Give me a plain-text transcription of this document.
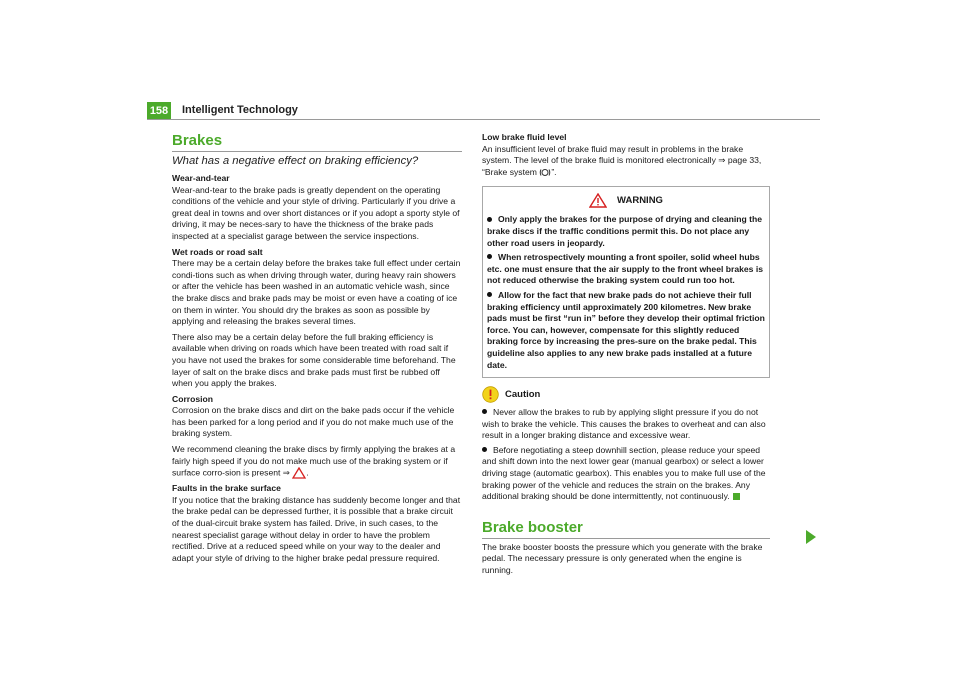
158 Intelligent Technology
Brakes
What has a negative effect on braking efficiency?
Wear-and-tear
Wear-and-tear to the brake pads is greatly dependent on the operating conditions of the vehicle and your style of driving. Particularly if you drive a great deal in towns and over short distances or if you adopt a sporty style of driving, it may be neces-sary to have the thickness of the brake pads inspected at a specialist garage between the service inspections.
Wet roads or road salt
There may be a certain delay before the brakes take full effect under certain condi-tions such as when driving through water, during heavy rain showers or after the vehicle has been washed in an automatic vehicle wash, since the brake discs and brake pads may be moist or even have a coating of ice on them in winter. You should dry the brakes as soon as possible by applying and releasing the brakes several times.
There also may be a certain delay before the full braking efficiency is available when driving on roads which have been treated with road salt if you have not used the brakes for some considerable time beforehand. The layer of salt on the brake discs and brake pads must first be rubbed off when you apply the brakes.
Corrosion
Corrosion on the brake discs and dirt on the bake pads occur if the vehicle has been parked for a long period and if you do not make much use of the braking system.
We recommend cleaning the brake discs by firmly applying the brakes at a fairly high speed if you do not make much use of the braking system or if surface corro-sion is present ⇒ .
Faults in the brake surface
If you notice that the braking distance has suddenly become longer and that the brake pedal can be depressed further, it is possible that a brake circuit of the dual-circuit brake system has failed. Drive, in such cases, to the nearest specialist garage without delay in order to have the problem rectified. Drive at a reduced speed while on your way to the dealer and adapt your style of driving to the higher brake pedal pressure required.
Low brake fluid level
An insufficient level of brake fluid may result in problems in the brake system. The level of the brake fluid is monitored electronically ⇒ page 33, “Brake system ”.
WARNING
Only apply the brakes for the purpose of drying and cleaning the brake discs if the traffic conditions permit this. Do not place any other road users in jeopardy.
When retrospectively mounting a front spoiler, solid wheel hubs etc. one must ensure that the air supply to the front wheel brakes is not reduced otherwise the braking system could run too hot.
Allow for the fact that new brake pads do not achieve their full braking efficiency until approximately 200 kilometres. New brake pads must be first “run in” before they develop their optimal friction force. You can, however, compensate for this slightly reduced braking force by increasing the pres-sure on the brake pedal. This guideline also applies to any new brake pads installed at a future date.
Caution
Never allow the brakes to rub by applying slight pressure if you do not wish to brake the vehicle. This causes the brakes to overheat and can also result in a longer braking distance and excessive wear.
Before negotiating a steep downhill section, please reduce your speed and shift down into the next lower gear (manual gearbox) or select a lower driving stage (automatic gearbox). This enables you to make full use of the braking power of the vehicle and reduces the strain on the brakes. Any additional braking should be done intermittently, not continuously.
Brake booster
The brake booster boosts the pressure which you generate with the brake pedal. The necessary pressure is only generated when the engine is running.
